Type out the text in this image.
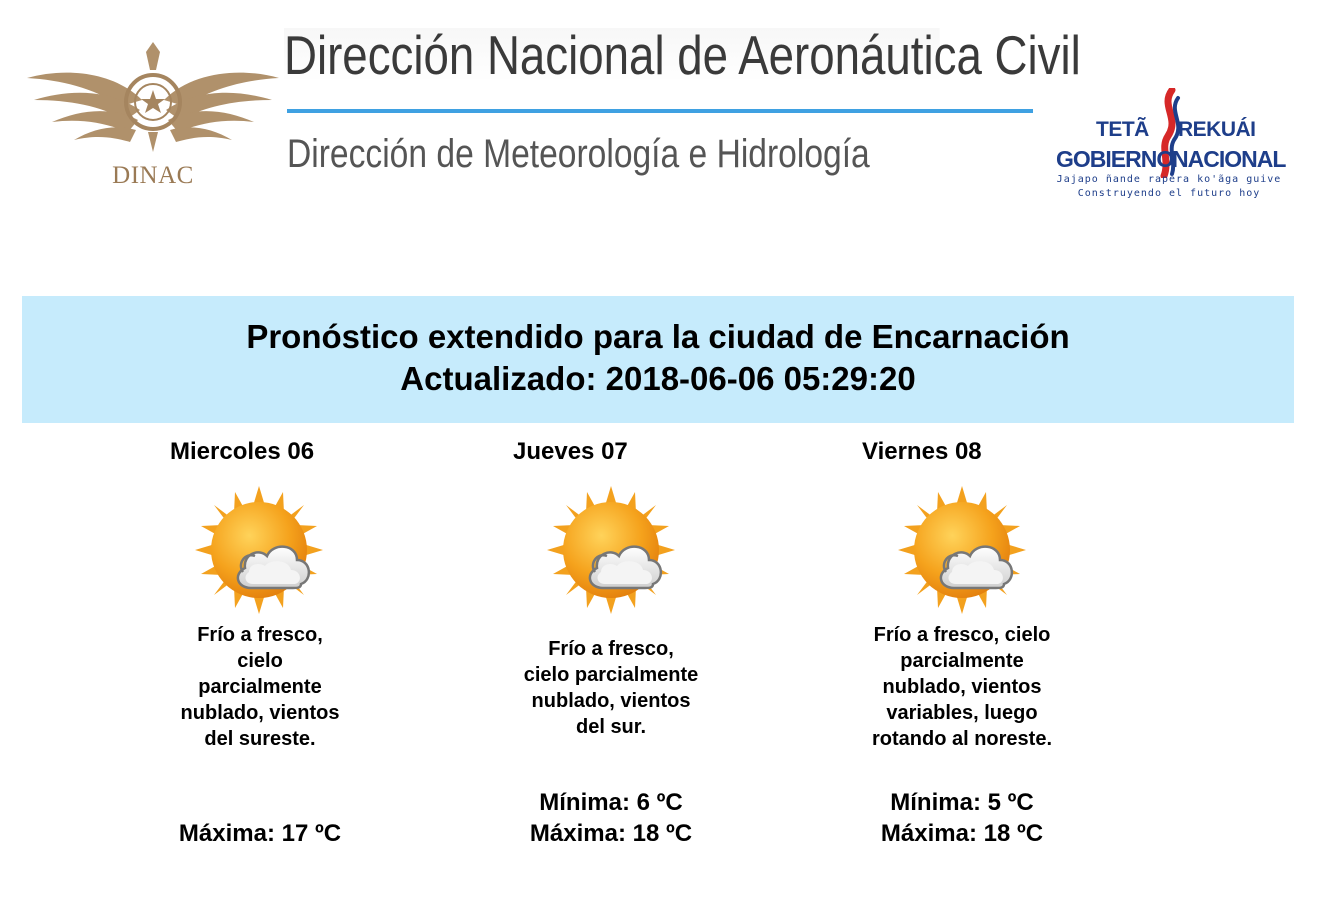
DINAC
Dirección Nacional de Aeronáutica Civil
Dirección de Meteorología e Hidrología
TETÃ REKUÁI
GOBIERNO
NACIONAL
Jajapo ñande rapera ko'ãga guive
Construyendo el futuro hoy
Pronóstico extendido para la ciudad de Encarnación
Actualizado: 2018-06-06 05:29:20
Miercoles 06
Frío a fresco,
cielo
parcialmente
nublado, vientos
del sureste.
Máxima: 17 ºC
Jueves 07
Frío a fresco,
cielo parcialmente
nublado, vientos
del sur.
Mínima: 6 ºC
Máxima: 18 ºC
Viernes 08
Frío a fresco, cielo
parcialmente
nublado, vientos
variables, luego
rotando al noreste.
Mínima: 5 ºC
Máxima: 18 ºC
